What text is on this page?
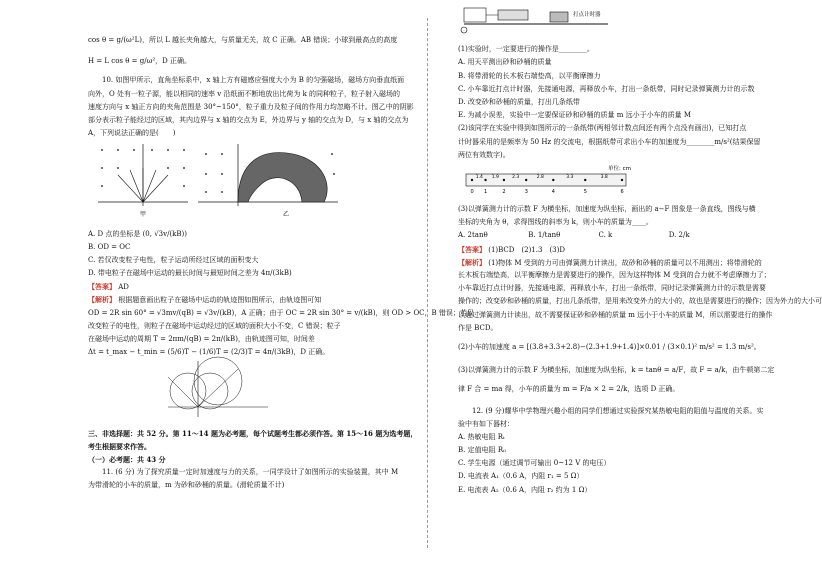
cos θ = g/(ω²L)，所以 L 越长夹角越大，与质量无关，故 C 正确。AB 错误；小球到最高点的高度
H = L cos θ = g/ω²，D 正确。
10. 如图甲所示，直角坐标系中，x 轴上方有磁感应强度大小为 B 的匀强磁场，磁场方向垂直纸面
向外，O 处有一粒子源，能以相同的速率 v 沿纸面不断地放出比荷为 k 的同种粒子，粒子射入磁场的
速度方向与 x 轴正方向的夹角范围是 30°~150°，粒子重力及粒子间的作用力均忽略不计。图乙中的阴影
部分表示粒子能经过的区域，其内边界与 x 轴的交点为 E，外边界与 y 轴的交点为 D，与 x 轴的交点为
A，下列说法正确的是(　　)
甲	乙
A. D 点的坐标是 (0, √3v/(kB))
B. OD = OC
C. 若仅改变粒子电性，粒子运动所经过区域的面积变大
D. 带电粒子在磁场中运动的最长时间与最短时间之差为 4π/(3kB)
【答案】 AD
【解析】 根据题意画出粒子在磁场中运动的轨迹图如图所示，由轨迹图可知
OD = 2R sin 60° = √3mv/(qB) = √3v/(kB)，A 正确；由于 OC = 2R sin 30° = v/(kB)，则 OD > OC，B 错误；若仅
改变粒子的电性，则粒子在磁场中运动经过的区域的面积大小不变，C 错误；粒子
在磁场中运动的周期 T = 2πm/(qB) = 2π/(kB)，由轨迹图可知，时间差
Δt = t_max − t_min = (5/6)T − (1/6)T = (2/3)T = 4π/(3kB)，D 正确。
三、非选择题：共 52 分。第 11～14 题为必考题，每个试题考生都必须作答。第 15～16 题为选考题，
考生根据要求作答。
（一）必考题：共 43 分
11. (6 分) 为了探究质量一定时加速度与力的关系，一同学设计了如图所示的实验装置，其中 M
为带滑轮的小车的质量，m 为砂和砂桶的质量。(滑轮质量不计)
打点计时器
(1)实验时，一定要进行的操作是________。
A. 用天平测出砂和砂桶的质量
B. 将带滑轮的长木板右端垫高，以平衡摩擦力
C. 小车靠近打点计时器，先接通电源，再释放小车，打出一条纸带，同时记录弹簧测力计的示数
D. 改变砂和砂桶的质量，打出几条纸带
E. 为减小误差，实验中一定要保证砂和砂桶的质量 m 远小于小车的质量 M
(2)该同学在实验中得到如图所示的一条纸带(两相邻计数点间还有两个点没有画出)，已知打点
计时器采用的是频率为 50 Hz 的交流电，根据纸带可求出小车的加速度为________m/s²(结果保留
两位有效数字)。
单位: cm
0 1	2	3	4	5	6
1.4 1.9	2.3	2.8	3.3	3.8
(3)以弹簧测力计的示数 F 为横坐标，加速度为纵坐标，画出的 a−F 图象是一条直线，图线与横
坐标的夹角为 θ，求得图线的斜率为 k，则小车的质量为____。
A. 2tanθ	B. 1/tanθ	C. k	D. 2/k
【答案】 (1)BCD　(2)1.3　(3)D
【解析】 (1)物体 M 受到的力可由弹簧测力计读出，故砂和砂桶的质量可以不用测出；将带滑轮的
长木板右端垫高，以平衡摩擦力是需要进行的操作，因为这样物体 M 受到的合力就不考虑摩擦力了；
小车靠近打点计时器，先接通电源，再释放小车，打出一条纸带，同时记录弹簧测力计的示数是需要
操作的；改变砂和砂桶的质量，打出几条纸带，是用来改变外力的大小的，故也是需要进行的操作；因为外力的大小可
以通过弹簧测力计读出，故不需要保证砂和砂桶的质量 m 远小于小车的质量 M，所以需要进行的操作
作是 BCD。
(2)小车的加速度 a = [(3.8+3.3+2.8)−(2.3+1.9+1.4)]×0.01 / (3×0.1)² m/s² = 1.3 m/s²。
(3)以弹簧测力计的示数 F 为横坐标，加速度为纵坐标，k = tanθ = a/F，故 F = a/k，由牛顿第二定
律 F 合 = ma 得，小车的质量为 m = F/a × 2 = 2/k，选项 D 正确。
12. (9 分)耀华中学物理兴趣小组的同学们想通过实验探究某热敏电阻的阻值与温度的关系。实
验中有如下器材：
A. 热敏电阻 Rₜ
B. 定值电阻 R₀
C. 学生电源（通过调节可输出 0~12 V 的电压）
D. 电流表 A₁（0.6 A，内阻 r₁ = 5 Ω）
E. 电流表 A₂（0.6 A，内阻 r₂ 约为 1 Ω）
